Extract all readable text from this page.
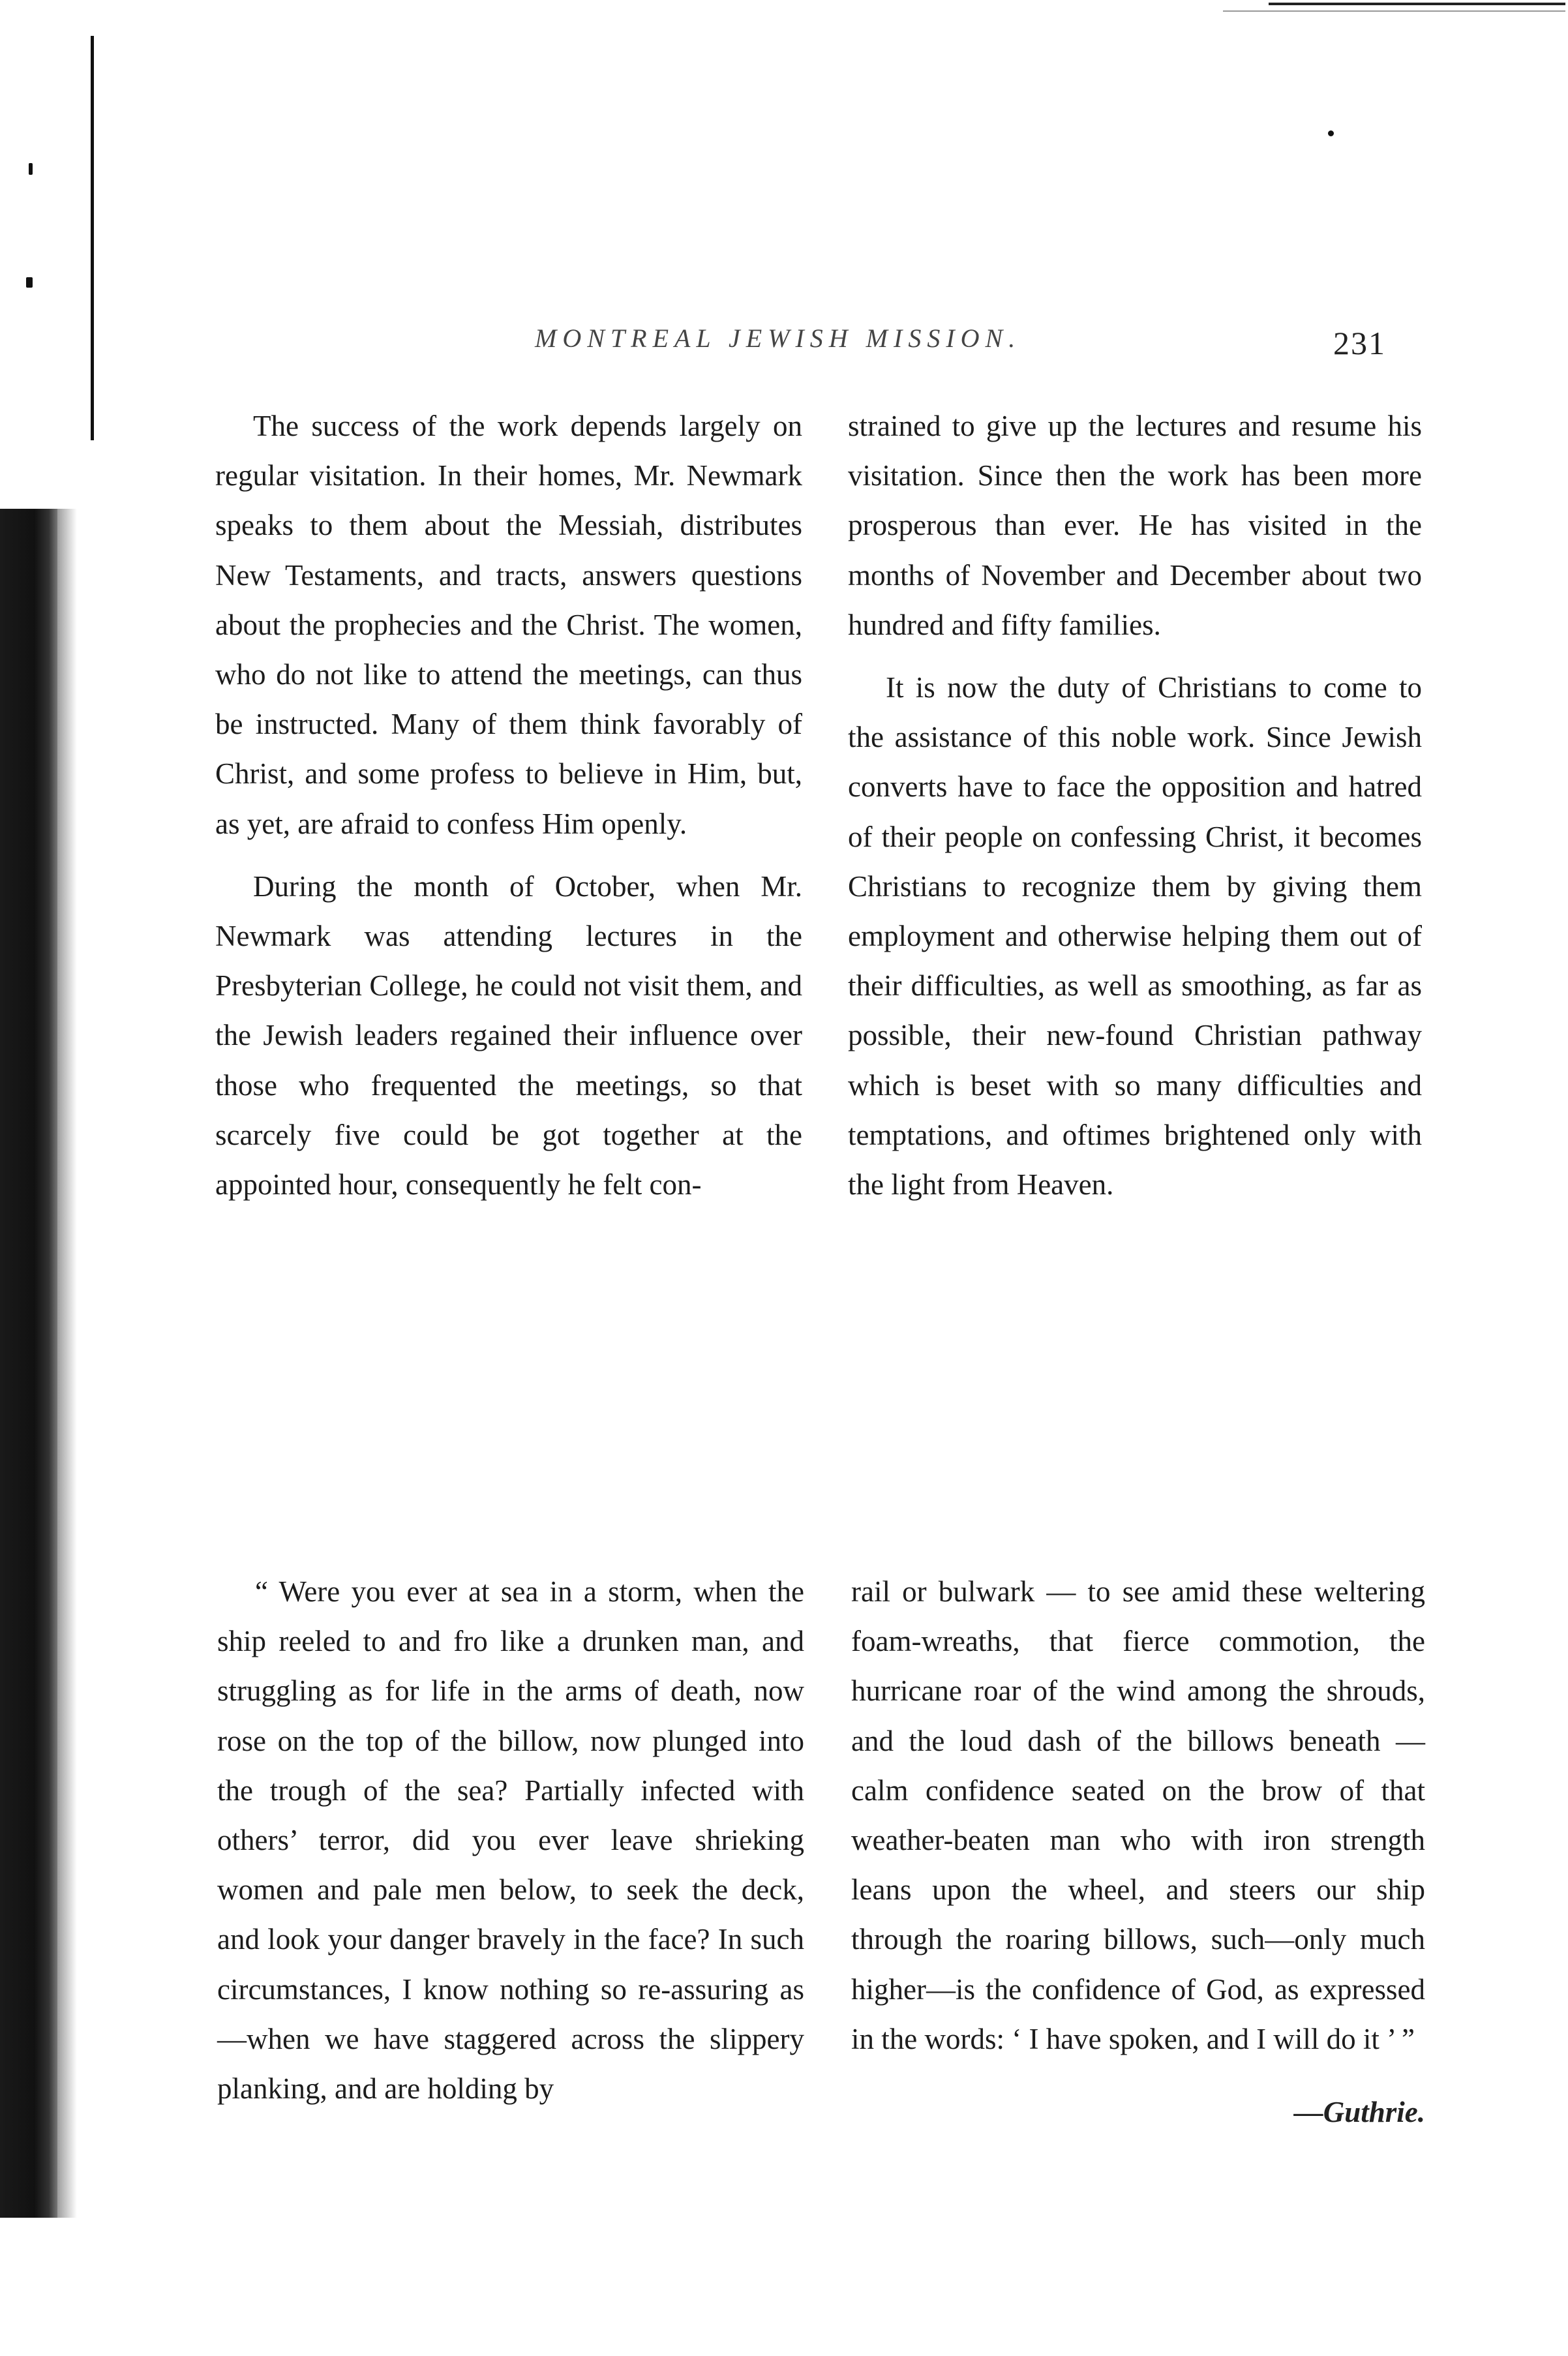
MONTREAL JEWISH MISSION.	231

The success of the work depends largely on regular visitation. In their homes, Mr. Newmark speaks to them about the Messiah, distributes New Testaments, and tracts, answers questions about the prophecies and the Christ. The women, who do not like to attend the meetings, can thus be instructed. Many of them think favorably of Christ, and some profess to believe in Him, but, as yet, are afraid to confess Him openly.

During the month of October, when Mr. Newmark was attending lectures in the Presbyterian College, he could not visit them, and the Jewish leaders regained their influence over those who frequented the meetings, so that scarcely five could be got together at the appointed hour, consequently he felt con-

strained to give up the lectures and resume his visitation. Since then the work has been more prosperous than ever. He has visited in the months of November and December about two hundred and fifty families.

It is now the duty of Christians to come to the assistance of this noble work. Since Jewish converts have to face the opposition and hatred of their people on confessing Christ, it becomes Christians to recognize them by giving them employment and otherwise helping them out of their difficulties, as well as smoothing, as far as possible, their new-found Christian pathway which is beset with so many difficulties and temptations, and oftimes brightened only with the light from Heaven.

“ Were you ever at sea in a storm, when the ship reeled to and fro like a drunken man, and struggling as for life in the arms of death, now rose on the top of the billow, now plunged into the trough of the sea? Partially infected with others’ terror, did you ever leave shrieking women and pale men below, to seek the deck, and look your danger bravely in the face? In such circumstances, I know nothing so re-assuring as—when we have staggered across the slippery planking, and are holding by

rail or bulwark — to see amid these weltering foam-wreaths, that fierce commotion, the hurricane roar of the wind among the shrouds, and the loud dash of the billows beneath — calm confidence seated on the brow of that weather-beaten man who with iron strength leans upon the wheel, and steers our ship through the roaring billows, such—only much higher—is the confidence of God, as expressed in the words: ‘ I have spoken, and I will do it ’ ”

—Guthrie.
